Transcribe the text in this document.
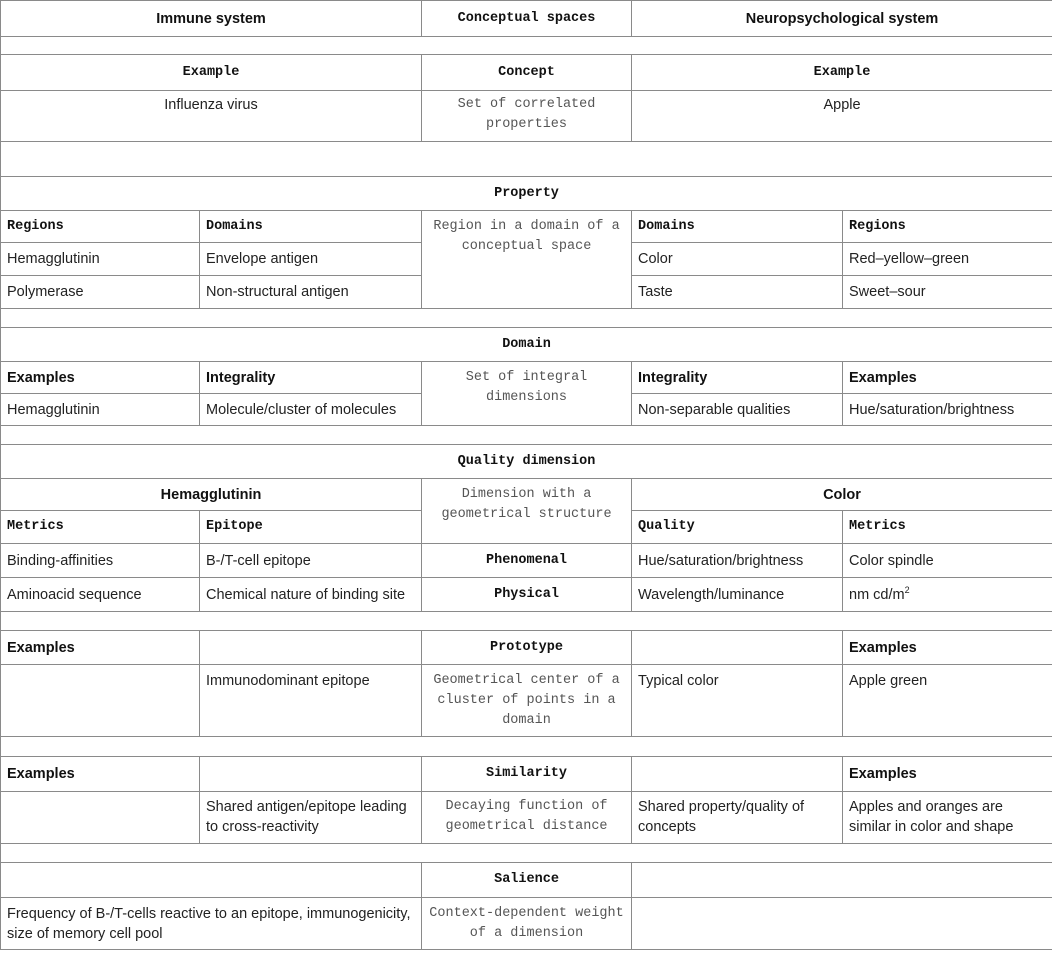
Immune system		Conceptual spaces	Neuropsychological system	

Example		Concept	Example	
Influenza virus		Set of correlated properties	Apple	

Property				
Regions	Domains	Region in a domain of a conceptual space	Domains	Regions
Hemagglutinin	Envelope antigen		Color	Red–yellow–green
Polymerase	Non-structural antigen		Taste	Sweet–sour

Domain				
Examples	Integrality	Set of integral dimensions	Integrality	Examples
Hemagglutinin	Molecule/cluster of molecules		Non-separable qualities	Hue/saturation/brightness

Quality dimension				
Hemagglutinin		Dimension with a geometrical structure	Color	
Metrics	Epitope		Quality	Metrics
Binding-affinities	B-/T-cell epitope	Phenomenal	Hue/saturation/brightness	Color spindle
Aminoacid sequence	Chemical nature of binding site	Physical	Wavelength/luminance	nm $cd/m^2$

Examples		Prototype		Examples
	Immunodominant epitope	Geometrical center of a cluster of points in a domain	Typical color	Apple green

Examples		Similarity		Examples
	Shared antigen/epitope leading to cross-reactivity	Decaying function of geometrical distance	Shared property/quality of concepts	Apples and oranges are similar in color and shape

		Salience		
Frequency of B-/T-cells reactive to an epitope, immunogenicity, size of memory cell pool		Context-dependent weight of a dimension		
